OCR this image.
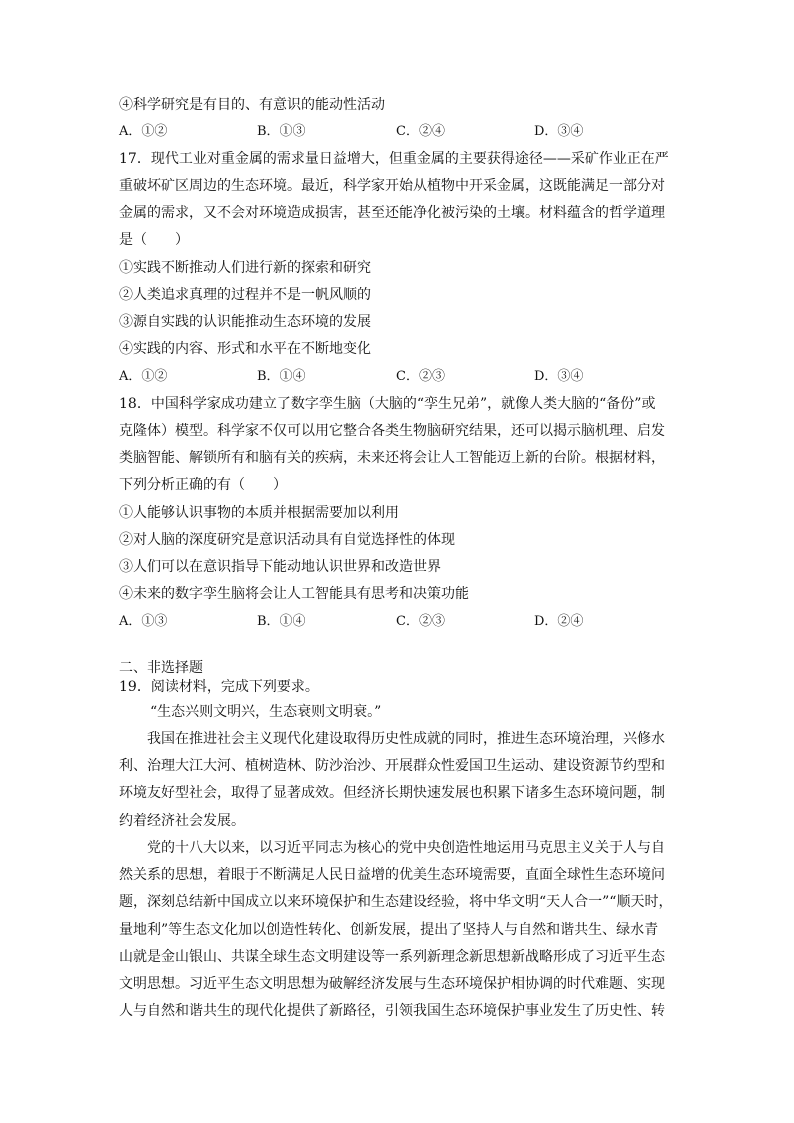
④科学研究是有目的、有意识的能动性活动
A．①②	B．①③	C．②④	D．③④
17．现代工业对重金属的需求量日益增大，但重金属的主要获得途径——采矿作业正在严
重破坏矿区周边的生态环境。最近，科学家开始从植物中开采金属，这既能满足一部分对
金属的需求，又不会对环境造成损害，甚至还能净化被污染的土壤。材料蕴含的哲学道理
是（　　）
①实践不断推动人们进行新的探索和研究
②人类追求真理的过程并不是一帆风顺的
③源自实践的认识能推动生态环境的发展
④实践的内容、形式和水平在不断地变化
A．①②	B．①④	C．②③	D．③④
18．中国科学家成功建立了数字孪生脑（大脑的“孪生兄弟”，就像人类大脑的“备份”或
克隆体）模型。科学家不仅可以用它整合各类生物脑研究结果，还可以揭示脑机理、启发
类脑智能、解锁所有和脑有关的疾病，未来还将会让人工智能迈上新的台阶。根据材料，
下列分析正确的有（　　）
①人能够认识事物的本质并根据需要加以利用
②对人脑的深度研究是意识活动具有自觉选择性的体现
③人们可以在意识指导下能动地认识世界和改造世界
④未来的数字孪生脑将会让人工智能具有思考和决策功能
A．①③	B．①④	C．②③	D．②④
二、非选择题
19．阅读材料，完成下列要求。
“生态兴则文明兴，生态衰则文明衰。”
我国在推进社会主义现代化建设取得历史性成就的同时，推进生态环境治理，兴修水
利、治理大江大河、植树造林、防沙治沙、开展群众性爱国卫生运动、建设资源节约型和
环境友好型社会，取得了显著成效。但经济长期快速发展也积累下诸多生态环境问题，制
约着经济社会发展。
党的十八大以来，以习近平同志为核心的党中央创造性地运用马克思主义关于人与自
然关系的思想，着眼于不断满足人民日益增的优美生态环境需要，直面全球性生态环境问
题，深刻总结新中国成立以来环境保护和生态建设经验，将中华文明“天人合一”“顺天时，
量地利”等生态文化加以创造性转化、创新发展，提出了坚持人与自然和谐共生、绿水青
山就是金山银山、共谋全球生态文明建设等一系列新理念新思想新战略形成了习近平生态
文明思想。习近平生态文明思想为破解经济发展与生态环境保护相协调的时代难题、实现
人与自然和谐共生的现代化提供了新路径，引领我国生态环境保护事业发生了历史性、转
